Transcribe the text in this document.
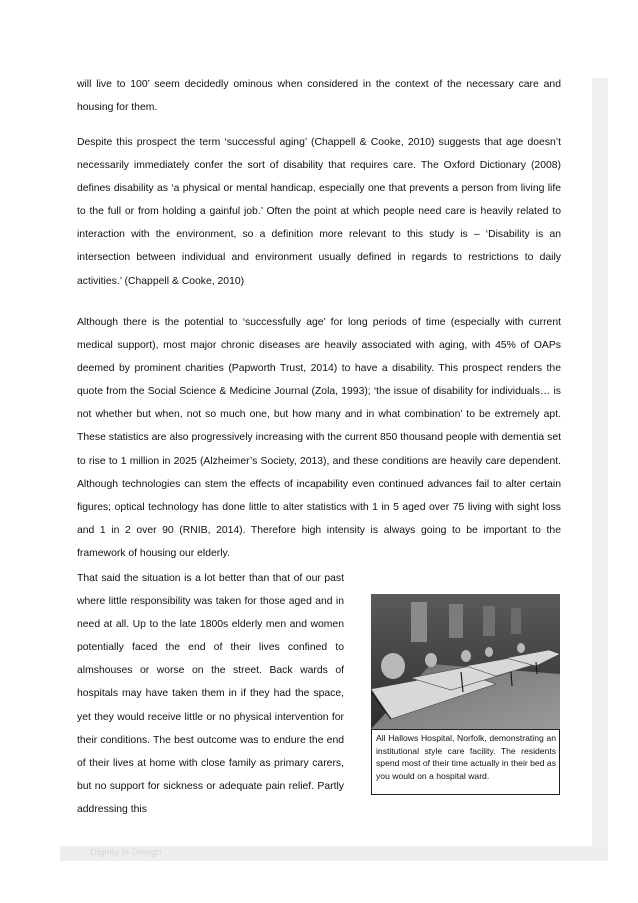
Dignity in Design

will live to 100’ seem decidedly ominous when considered in the context of the necessary care and housing for them.

Despite this prospect the term ‘successful aging’ (Chappell & Cooke, 2010) suggests that age doesn’t necessarily immediately confer the sort of disability that requires care. The Oxford Dictionary (2008) defines disability as ‘a physical or mental handicap, especially one that prevents a person from living life to the full or from holding a gainful job.’ Often the point at which people need care is heavily related to interaction with the environment, so a definition more relevant to this study is – ‘Disability is an intersection between individual and environment usually defined in regards to restrictions to daily activities.’ (Chappell & Cooke, 2010)

Although there is the potential to ‘successfully age’ for long periods of time (especially with current medical support), most major chronic diseases are heavily associated with aging, with 45% of OAPs deemed by prominent charities (Papworth Trust, 2014) to have a disability. This prospect renders the quote from the Social Science & Medicine Journal (Zola, 1993); ‘the issue of disability for individuals… is not whether but when, not so much one, but how many and in what combination’ to be extremely apt. These statistics are also progressively increasing with the current 850 thousand people with dementia set to rise to 1 million in 2025 (Alzheimer’s Society, 2013), and these conditions are heavily care dependent. Although technologies can stem the effects of incapability even continued advances fail to alter certain figures; optical technology has done little to alter statistics with 1 in 5 aged over 75 living with sight loss and 1 in 2 over 90 (RNIB, 2014). Therefore high intensity is always going to be important to the framework of housing our elderly.

That said the situation is a lot better than that of our past where little responsibility was taken for those aged and in need at all. Up to the late 1800s elderly men and women potentially faced the end of their lives confined to almshouses or worse on the street. Back wards of hospitals may have taken them in if they had the space, yet they would receive little or no physical intervention for their conditions. The best outcome was to endure the end of their lives at home with close family as primary carers, but no support for sickness or adequate pain relief. Partly addressing this

All Hallows Hospital, Norfolk, demonstrating an institutional style care facility. The residents spend most of their time actually in their bed as you would on a hospital ward.
